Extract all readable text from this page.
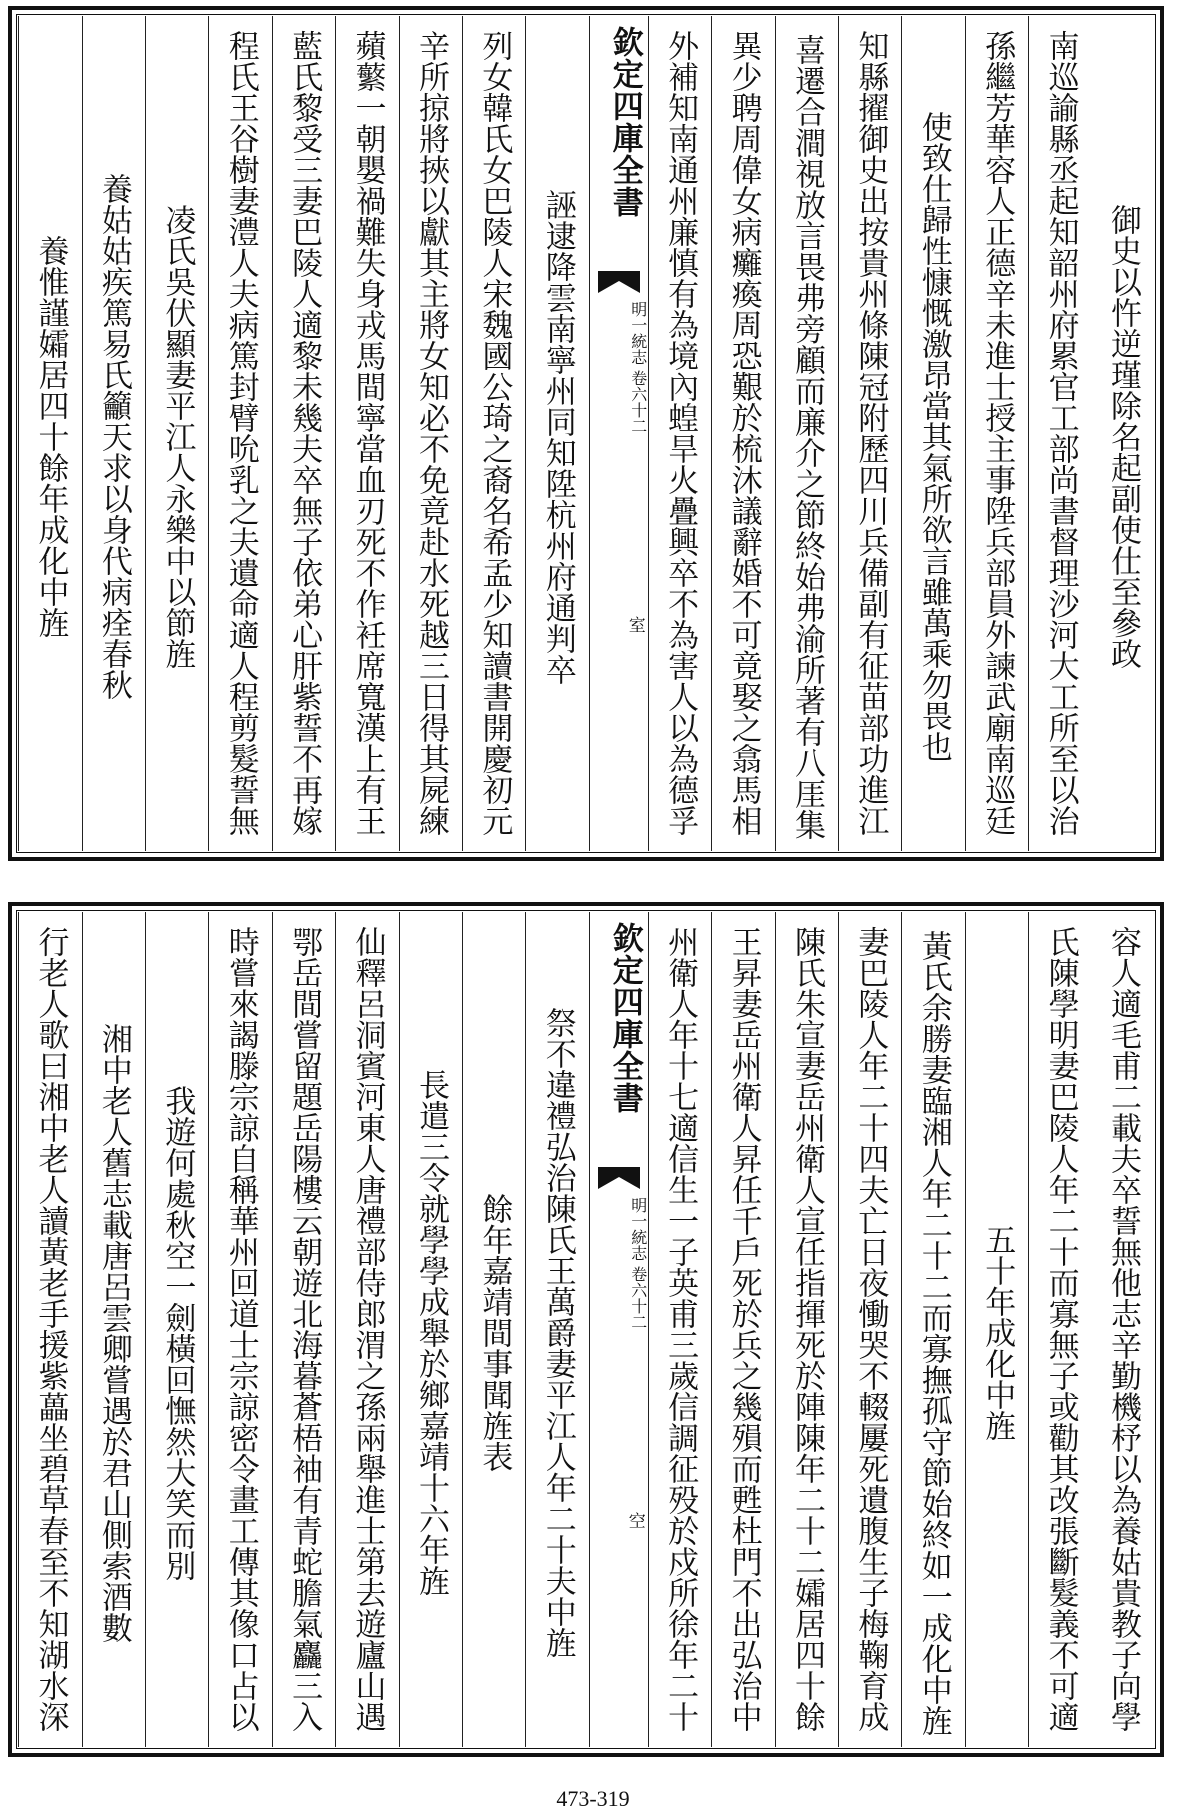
御史以忤逆瑾除名起副使仕至參政
南巡諭縣丞起知韶州府累官工部尚書督理沙河大工所至以治
孫繼芳華容人正德辛未進士授主事陞兵部員外諫武廟南巡廷
使致仕歸性慷慨激昂當其氣所欲言雖萬乘勿畏也
知縣擢御史出按貴州條陳冠附歷四川兵備副有征苗部功進江
喜遷合澗視放言畏弗旁顧而廉介之節終始弗渝所著有八厓集
異少聘周偉女病癱瘓周恐艱於梳沐議辭婚不可竟娶之翕馬相
外補知南通州廉慎有為境內蝗旱火疊興卒不為害人以為德孚
欽定四庫全書
明一統志 卷六十二
室
誣逮降雲南寧州同知陞杭州府通判卒
列女韓氏女巴陵人宋魏國公琦之裔名希孟少知讀書開慶初元
辛所掠將挾以獻其主將女知必不免竟赴水死越三日得其屍練
蘋蘩一朝嬰禍難失身戎馬間寧當血刃死不作衽席寬漢上有王
藍氏黎受三妻巴陵人適黎未幾夫卒無子依弟心肝紫誓不再嫁
程氏王谷樹妻澧人夫病篤封臂吮乳之夫遺命適人程剪髮誓無
凌氏吳伏顯妻平江人永樂中以節旌
養姑姑疾篤易氏籲天求以身代病痊春秋
養惟謹孀居四十餘年成化中旌
容人適毛甫二載夫卒誓無他志辛勤機杼以為養姑貴教子向學
氏陳學明妻巴陵人年二十而寡無子或勸其改張斷髮義不可適
五十年成化中旌
黃氏余勝妻臨湘人年二十二而寡撫孤守節始終如一成化中旌
妻巴陵人年二十四夫亡日夜慟哭不輟屢死遺腹生子梅鞠育成
陳氏朱宣妻岳州衛人宣任指揮死於陣陳年二十二孀居四十餘
王昇妻岳州衛人昇任千戶死於兵之幾殞而甦杜門不出弘治中
州衛人年十七適信生一子英甫三歲信調征殁於戍所徐年二十
欽定四庫全書
明一統志 卷六十二
空
祭不違禮弘治陳氏王萬爵妻平江人年二十夫中旌
餘年嘉靖間事聞旌表
長遣三令就學學成舉於鄉嘉靖十六年旌
仙釋呂洞賓河東人唐禮部侍郎渭之孫兩舉進士第去遊廬山遇
鄂岳間嘗留題岳陽樓云朝遊北海暮蒼梧袖有青蛇膽氣麤三入
時嘗來謁滕宗諒自稱華州回道士宗諒密令畫工傳其像口占以
我遊何處秋空一劍橫回憮然大笑而別
湘中老人舊志載唐呂雲卿嘗遇於君山側索酒數
行老人歌曰湘中老人讀黃老手援紫藟坐碧草春至不知湖水深
473-319
